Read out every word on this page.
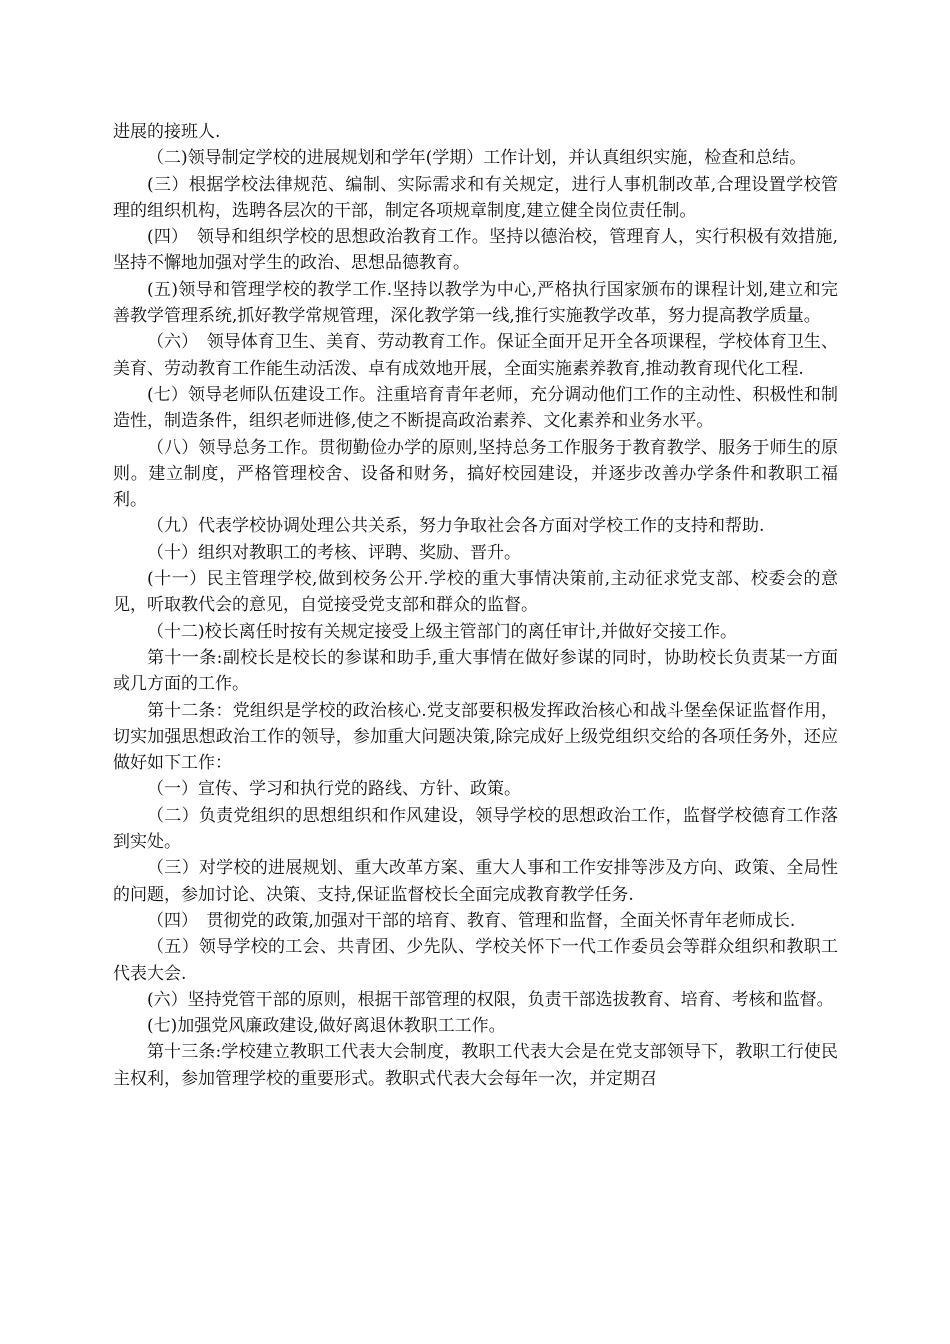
进展的接班人.

（二)领导制定学校的进展规划和学年(学期）工作计划，并认真组织实施，检查和总结。

(三）根据学校法律规范、编制、实际需求和有关规定，进行人事机制改革,合理设置学校管理的组织机构，选聘各层次的干部，制定各项规章制度,建立健全岗位责任制。

(四）　领导和组织学校的思想政治教育工作。坚持以德治校，管理育人，实行积极有效措施,坚持不懈地加强对学生的政治、思想品德教育。

(五)领导和管理学校的教学工作.坚持以教学为中心,严格执行国家颁布的课程计划,建立和完善教学管理系统,抓好教学常规管理，深化教学第一线,推行实施教学改革，努力提高教学质量。

（六）　领导体育卫生、美育、劳动教育工作。保证全面开足开全各项课程，学校体育卫生、美育、劳动教育工作能生动活泼、卓有成效地开展，全面实施素养教育,推动教育现代化工程.

(七）领导老师队伍建设工作。注重培育青年老师，充分调动他们工作的主动性、积极性和制造性，制造条件，组织老师进修,使之不断提高政治素养、文化素养和业务水平。

（八）领导总务工作。贯彻勤俭办学的原则,坚持总务工作服务于教育教学、服务于师生的原则。建立制度，严格管理校舍、设备和财务，搞好校园建设，并逐步改善办学条件和教职工福利。

（九）代表学校协调处理公共关系，努力争取社会各方面对学校工作的支持和帮助.

（十）组织对教职工的考核、评聘、奖励、晋升。

(十一）民主管理学校,做到校务公开.学校的重大事情决策前,主动征求党支部、校委会的意见，听取教代会的意见，自觉接受党支部和群众的监督。

（十二)校长离任时按有关规定接受上级主管部门的离任审计,并做好交接工作。

第十一条:副校长是校长的参谋和助手,重大事情在做好参谋的同时，协助校长负责某一方面或几方面的工作。

第十二条：党组织是学校的政治核心.党支部要积极发挥政治核心和战斗堡垒保证监督作用，切实加强思想政治工作的领导，参加重大问题决策,除完成好上级党组织交给的各项任务外，还应做好如下工作：

（一）宣传、学习和执行党的路线、方针、政策。

（二）负责党组织的思想组织和作风建设，领导学校的思想政治工作，监督学校德育工作落到实处。

（三）对学校的进展规划、重大改革方案、重大人事和工作安排等涉及方向、政策、全局性的问题，参加讨论、决策、支持,保证监督校长全面完成教育教学任务.

（四）　贯彻党的政策,加强对干部的培育、教育、管理和监督，全面关怀青年老师成长.

（五）领导学校的工会、共青团、少先队、学校关怀下一代工作委员会等群众组织和教职工代表大会.

(六）坚持党管干部的原则，根据干部管理的权限，负责干部选拔教育、培育、考核和监督。

(七)加强党风廉政建设,做好离退休教职工工作。

第十三条:学校建立教职工代表大会制度，教职工代表大会是在党支部领导下，教职工行使民主权利，参加管理学校的重要形式。教职式代表大会每年一次，并定期召
